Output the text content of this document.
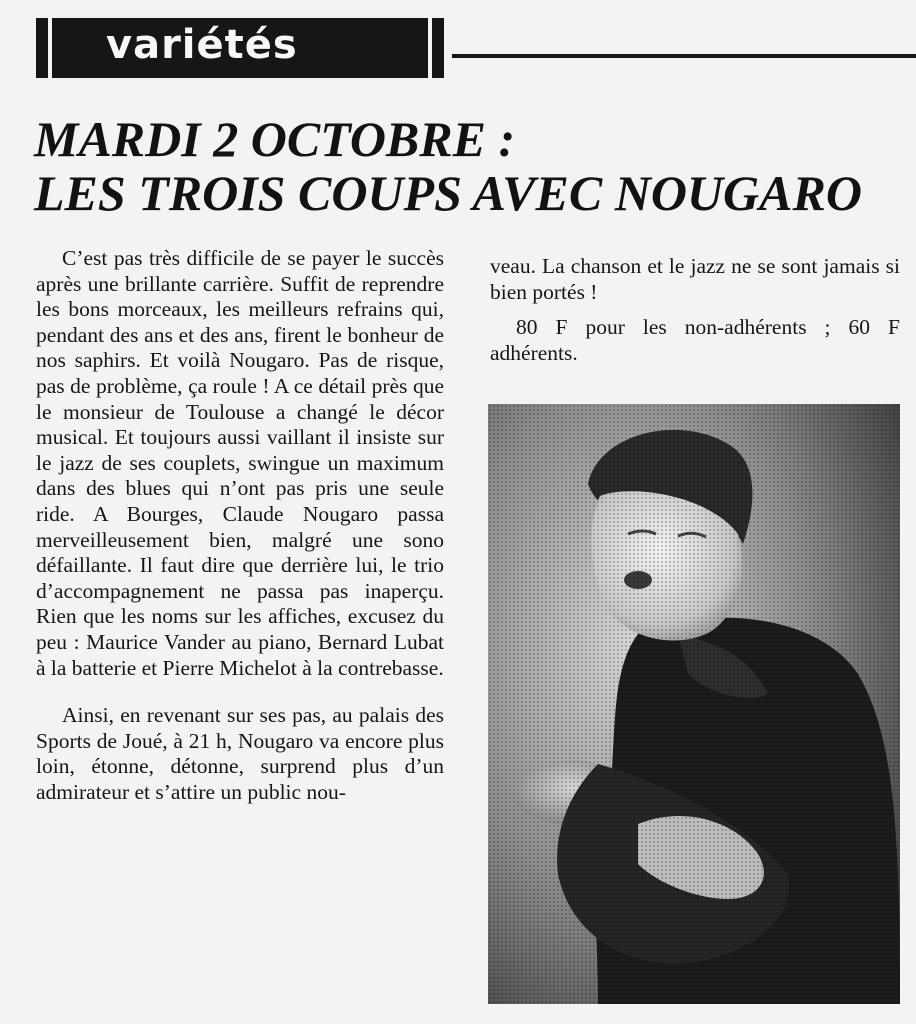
variétés
MARDI 2 OCTOBRE :
LES TROIS COUPS AVEC NOUGARO

C’est pas très difficile de se payer le succès après une brillante carrière. Suffit de reprendre les bons morceaux, les meilleurs refrains qui, pendant des ans et des ans, firent le bonheur de nos saphirs. Et voilà Nougaro. Pas de risque, pas de problème, ça roule ! A ce détail près que le monsieur de Toulouse a changé le décor musical. Et toujours aussi vaillant il insiste sur le jazz de ses couplets, swingue un maximum dans des blues qui n’ont pas pris une seule ride. A Bourges, Claude Nougaro passa merveilleusement bien, malgré une sono défaillante. Il faut dire que derrière lui, le trio d’accompagnement ne passa pas inaperçu. Rien que les noms sur les affiches, excusez du peu : Maurice Vander au piano, Bernard Lubat à la batterie et Pierre Michelot à la contrebasse.

Ainsi, en revenant sur ses pas, au palais des Sports de Joué, à 21 h, Nougaro va encore plus loin, étonne, détonne, surprend plus d’un admirateur et s’attire un public nou-

veau. La chanson et le jazz ne se sont jamais si bien portés !

80 F pour les non-adhérents ; 60 F adhérents.
